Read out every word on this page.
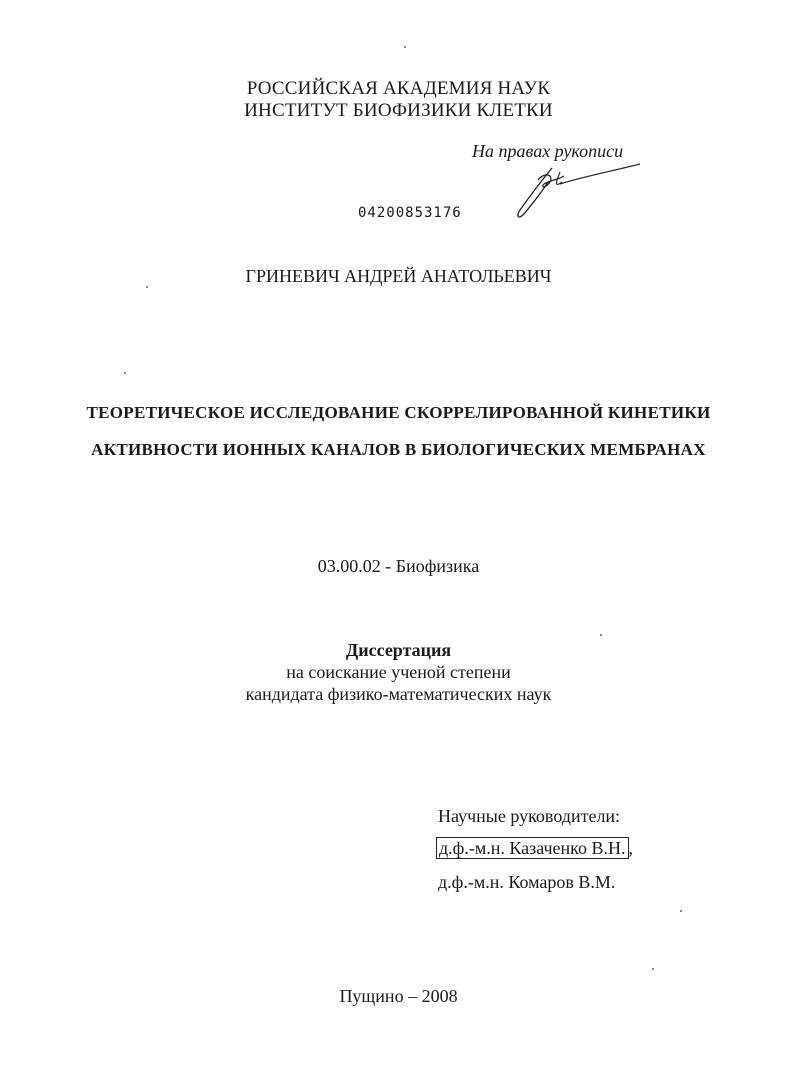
РОССИЙСКАЯ АКАДЕМИЯ НАУК
ИНСТИТУТ БИОФИЗИКИ КЛЕТКИ
На правах рукописи
04200853176
ГРИНЕВИЧ АНДРЕЙ АНАТОЛЬЕВИЧ
ТЕОРЕТИЧЕСКОЕ ИССЛЕДОВАНИЕ СКОРРЕЛИРОВАННОЙ КИНЕТИКИ
АКТИВНОСТИ ИОННЫХ КАНАЛОВ В БИОЛОГИЧЕСКИХ МЕМБРАНАХ
03.00.02 - Биофизика
Диссертация
на соискание ученой степени
кандидата физико-математических наук
Научные руководители:
д.ф.-м.н. Казаченко В.Н. ,
д.ф.-м.н. Комаров В.М.
Пущино – 2008
